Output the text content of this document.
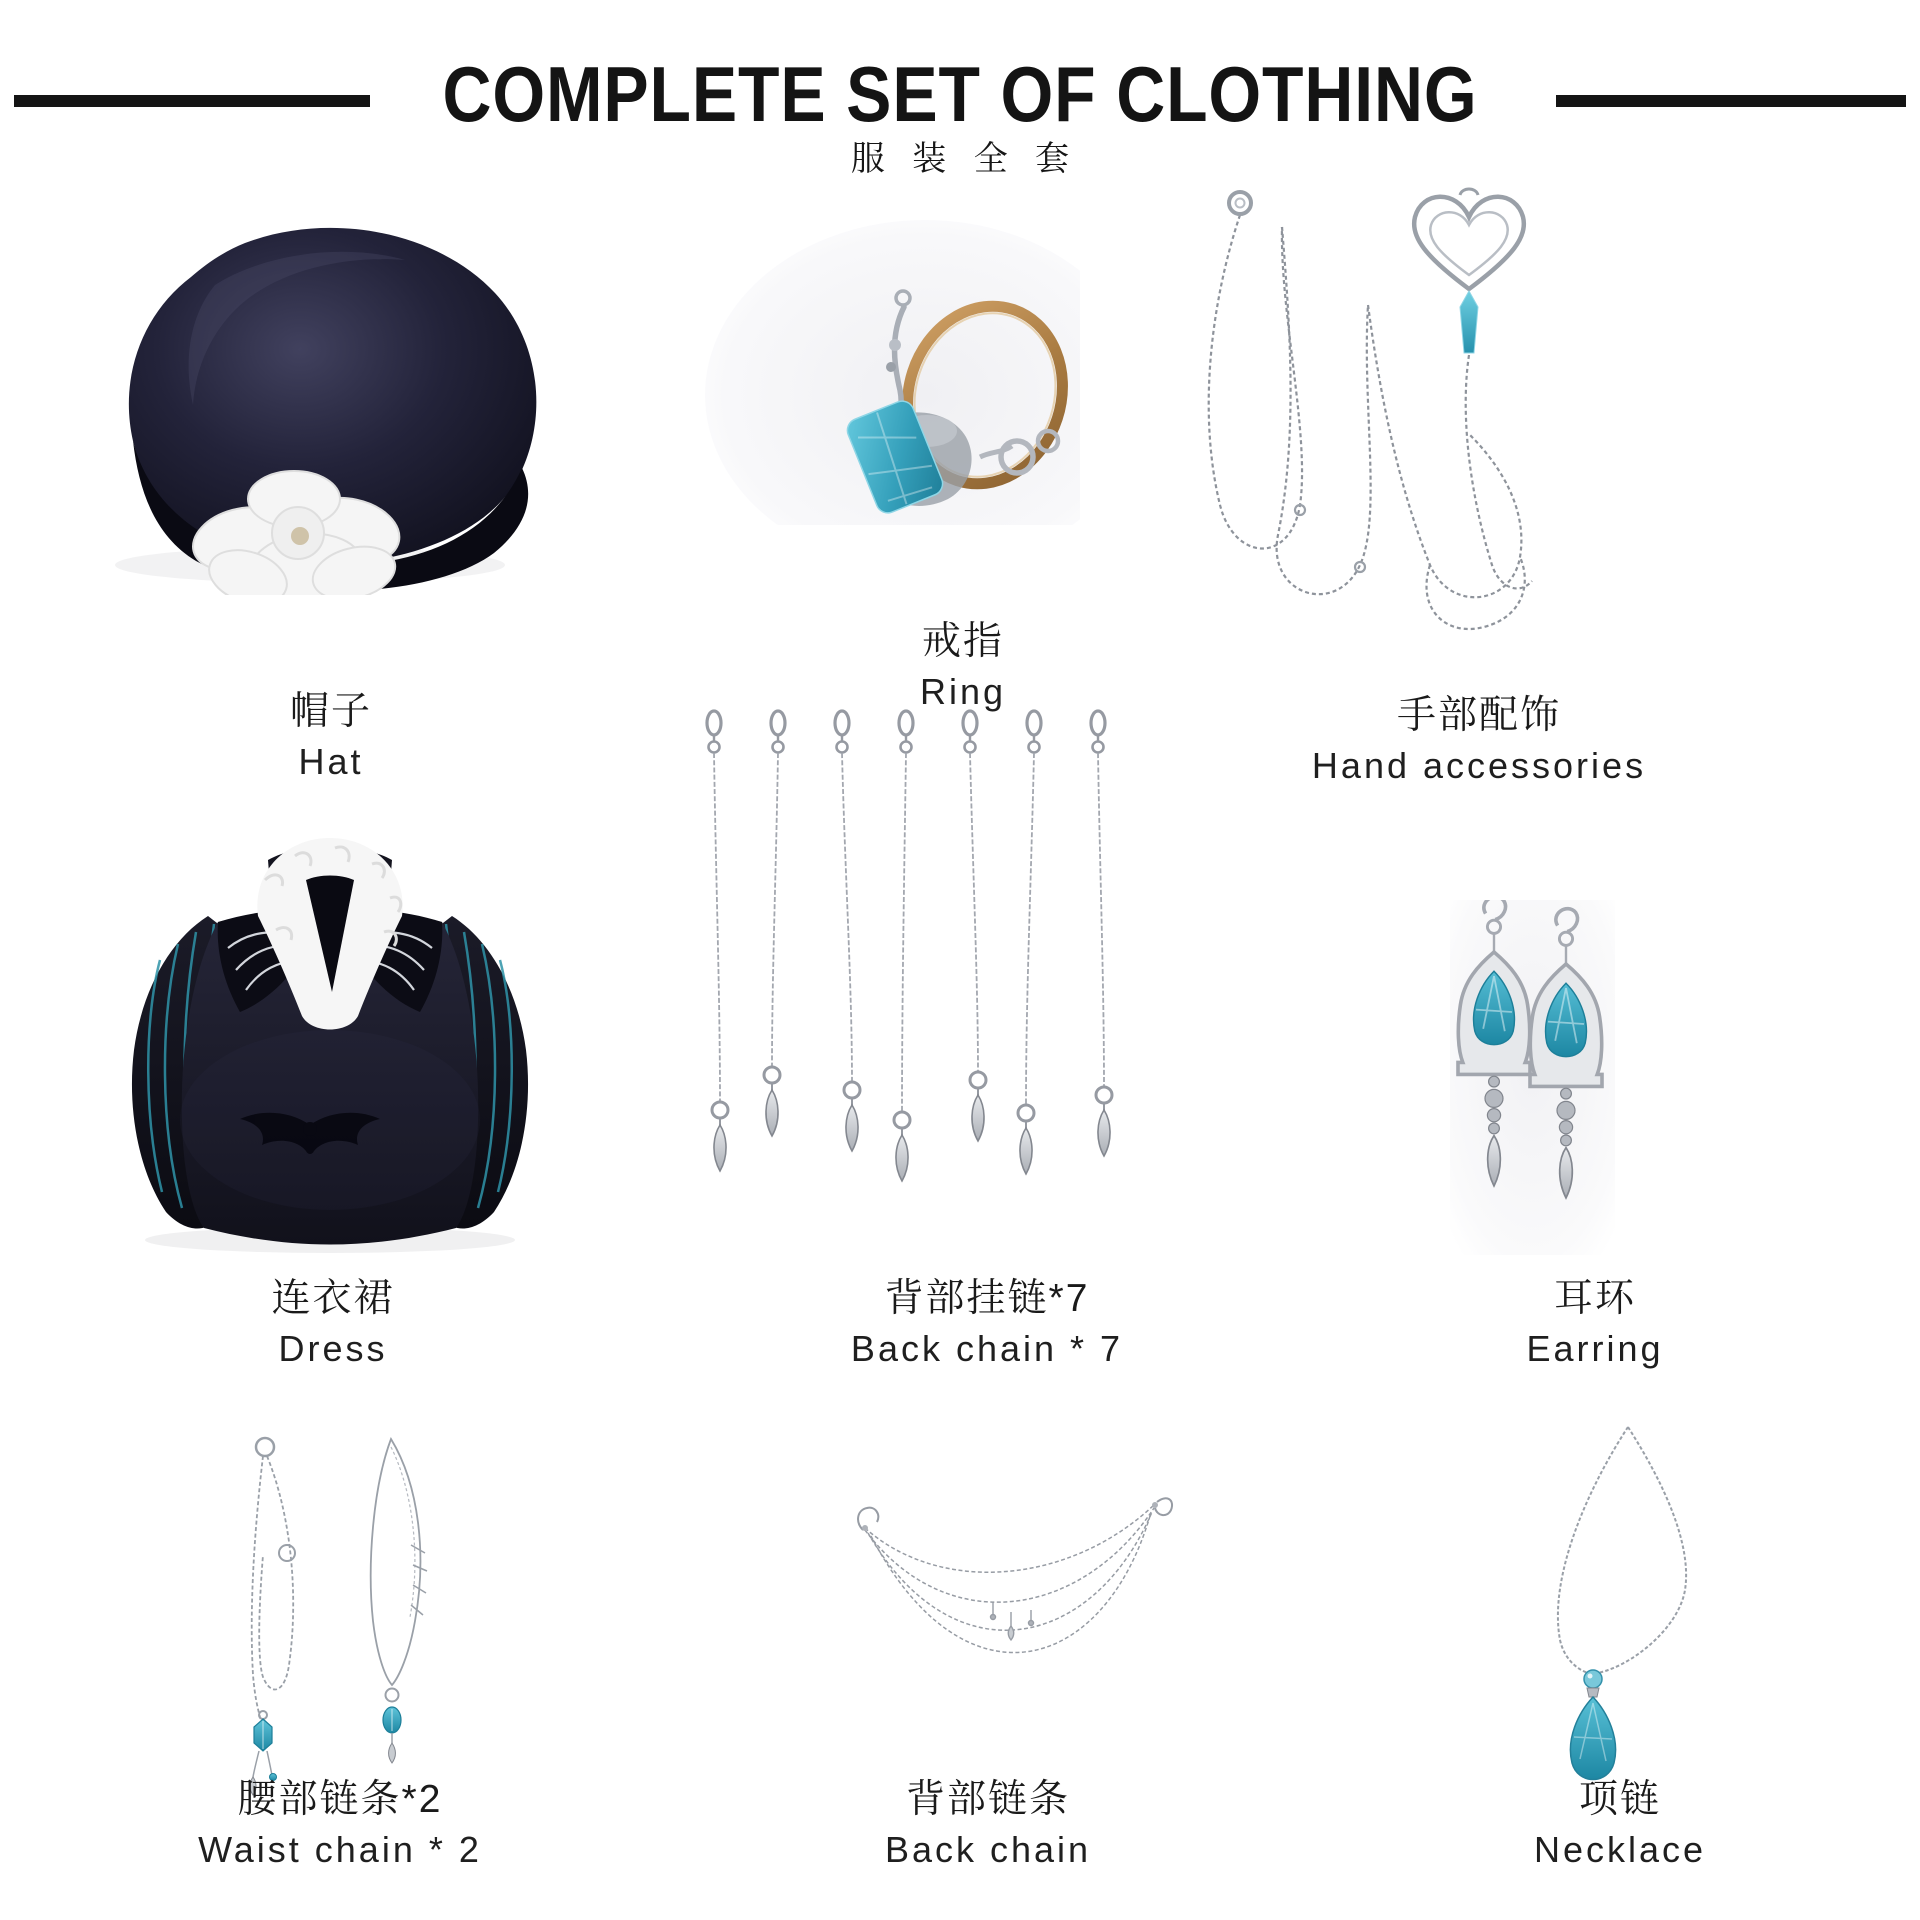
COMPLETE SET OF CLOTHING
服 装 全 套
帽子
Hat
戒指
Ring
手部配饰
Hand accessories
连衣裙
Dress
背部挂链*7
Back chain * 7
耳环
Earring
腰部链条*2
Waist chain * 2
背部链条
Back chain
项链
Necklace
